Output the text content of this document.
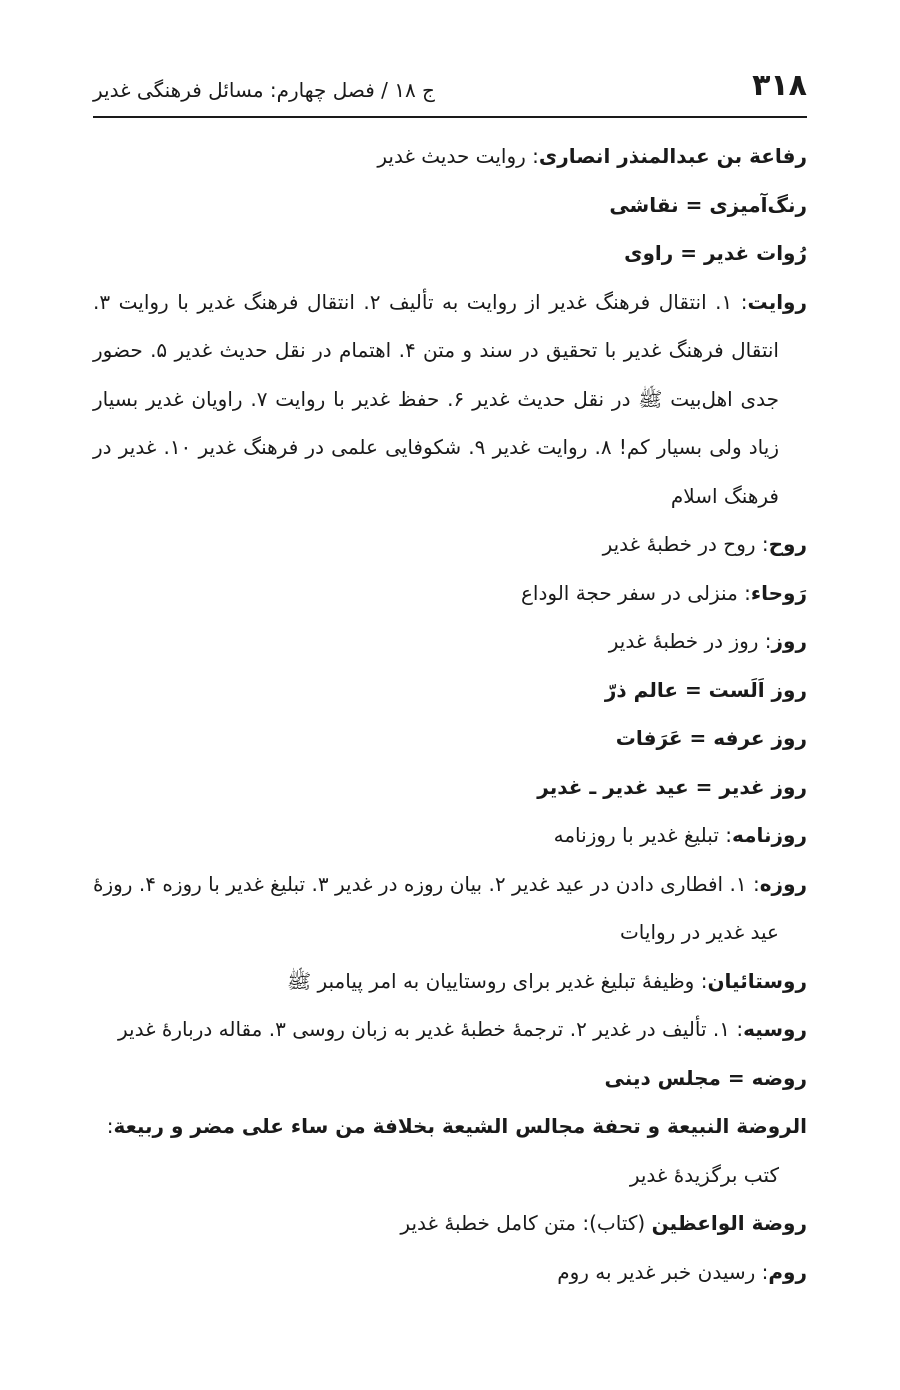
۳۱۸
ج ۱۸ / فصل چهارم: مسائل فرهنگی غدیر

رفاعة بن عبدالمنذر انصاری: روایت حدیث غدیر

رنگ‌آمیزی = نقاشی

رُوات غدیر = راوی

روایت: ۱. انتقال فرهنگ غدیر از روایت به تألیف ۲. انتقال فرهنگ غدیر با روایت ۳. انتقال فرهنگ غدیر با تحقیق در سند و متن ۴. اهتمام در نقل حدیث غدیر ۵. حضور جدی اهل‌بیت ﷺ در نقل حدیث غدیر ۶. حفظ غدیر با روایت ۷. راویان غدیر بسیار زیاد ولی بسیار کم! ۸. روایت غدیر ۹. شکوفایی علمی در فرهنگ غدیر ۱۰. غدیر در فرهنگ اسلام

روح: روح در خطبهٔ غدیر

رَوحاء: منزلی در سفر حجة الوداع

روز: روز در خطبهٔ غدیر

روز اَلَست = عالم ذرّ

روز عرفه = عَرَفات

روز غدیر = عید غدیر ـ غدیر

روزنامه: تبلیغ غدیر با روزنامه

روزه: ۱. افطاری دادن در عید غدیر ۲. بیان روزه در غدیر ۳. تبلیغ غدیر با روزه ۴. روزهٔ عید غدیر در روایات

روستائیان: وظیفهٔ تبلیغ غدیر برای روستاییان به امر پیامبر ﷺ

روسیه: ۱. تألیف در غدیر ۲. ترجمهٔ خطبهٔ غدیر به زبان روسی ۳. مقاله دربارهٔ غدیر

روضه = مجلس دینی

الروضة النبیعة و تحفة مجالس الشیعة بخلافة من ساء علی مضر و ربیعة: کتب برگزیدهٔ غدیر

روضة الواعظین (کتاب): متن کامل خطبهٔ غدیر

روم: رسیدن خبر غدیر به روم
